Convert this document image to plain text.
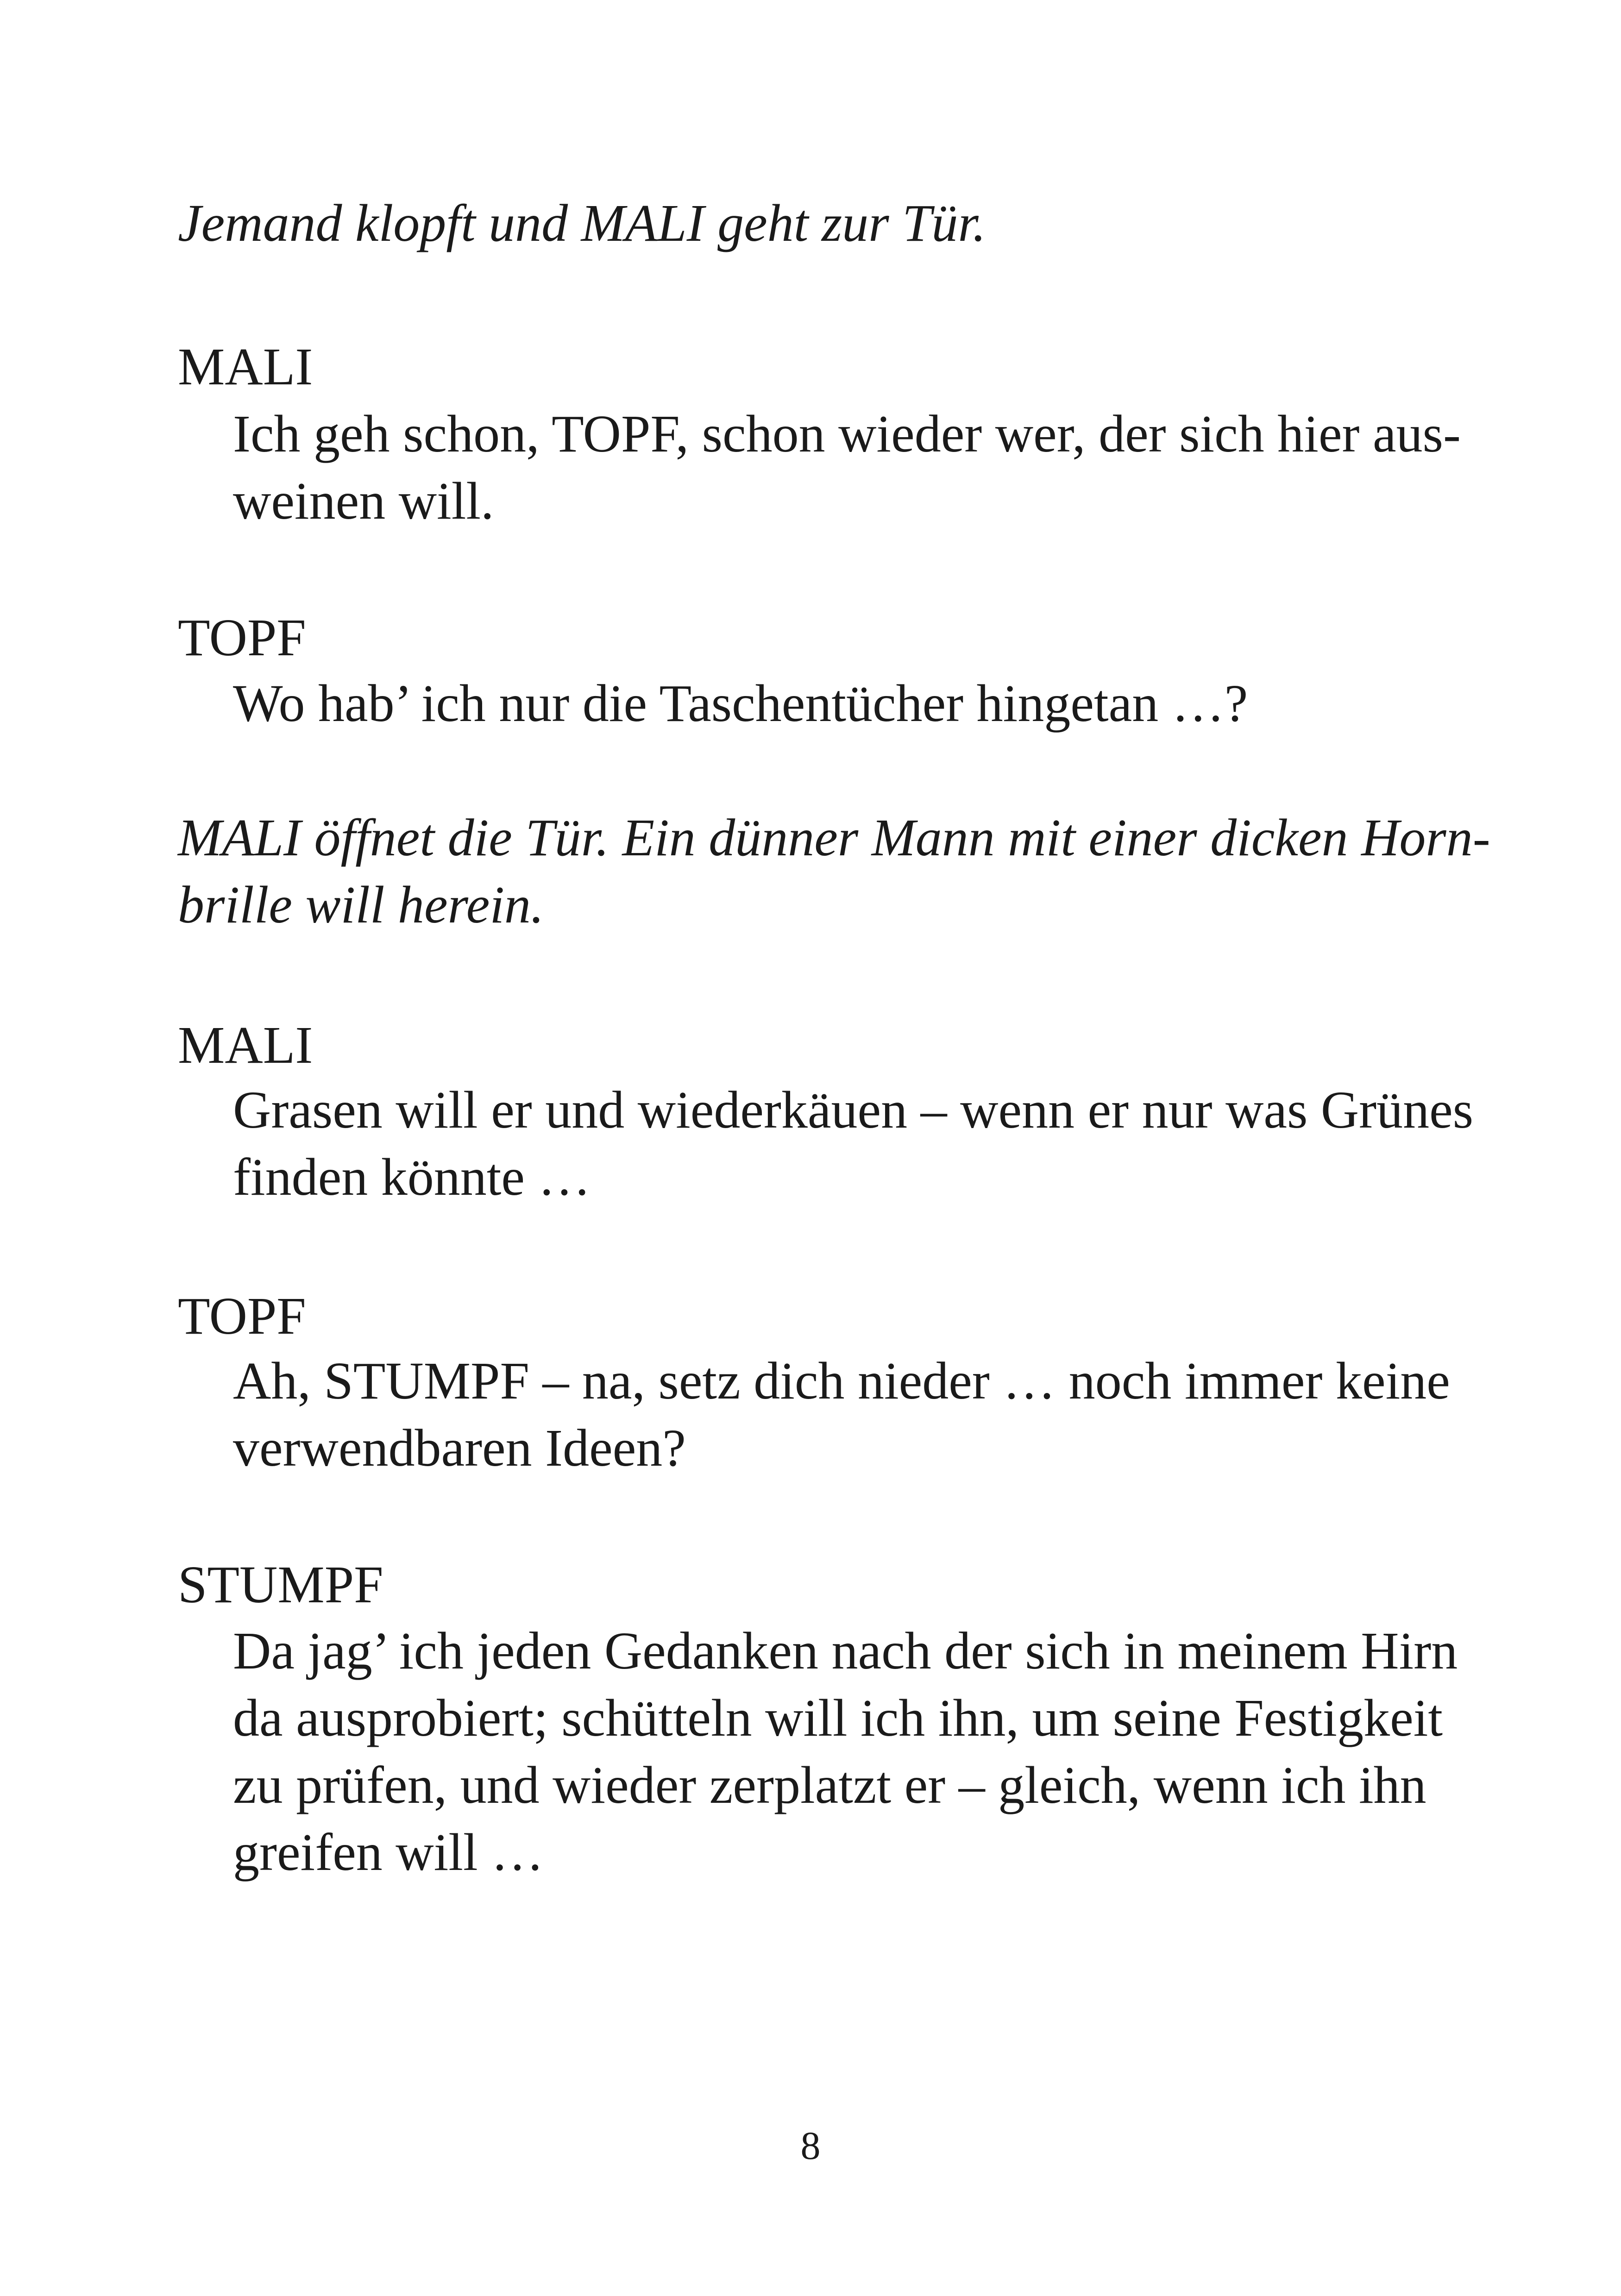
Jemand klopft und MALI geht zur Tür.
MALI
Ich geh schon, TOPF, schon wieder wer, der sich hier aus-
weinen will.
TOPF
Wo hab’ ich nur die Taschentücher hingetan …?
MALI öffnet die Tür. Ein dünner Mann mit einer dicken Horn-
brille will herein.
MALI
Grasen will er und wiederkäuen – wenn er nur was Grünes
finden könnte …
TOPF
Ah, STUMPF – na, setz dich nieder … noch immer keine
verwendbaren Ideen?
STUMPF
Da jag’ ich jeden Gedanken nach der sich in meinem Hirn
da ausprobiert; schütteln will ich ihn, um seine Festigkeit
zu prüfen, und wieder zerplatzt er – gleich, wenn ich ihn
greifen will …
8
